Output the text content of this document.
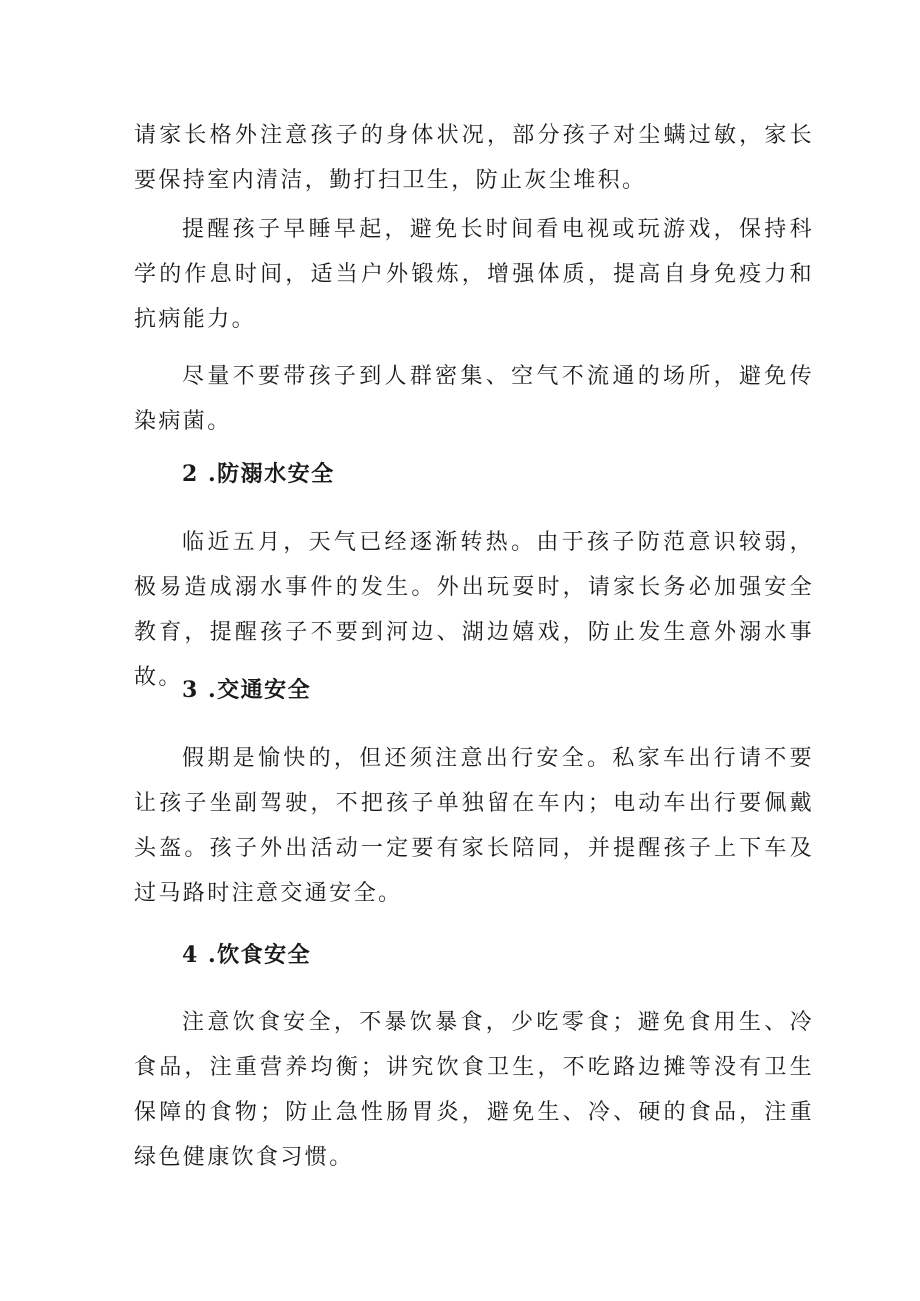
请家长格外注意孩子的身体状况，部分孩子对尘螨过敏，家长要保持室内清洁，勤打扫卫生，防止灰尘堆积。

提醒孩子早睡早起，避免长时间看电视或玩游戏，保持科学的作息时间，适当户外锻炼，增强体质，提高自身免疫力和抗病能力。

尽量不要带孩子到人群密集、空气不流通的场所，避免传染病菌。

2 .防溺水安全

临近五月，天气已经逐渐转热。由于孩子防范意识较弱，极易造成溺水事件的发生。外出玩耍时，请家长务必加强安全教育，提醒孩子不要到河边、湖边嬉戏，防止发生意外溺水事故。 3 .交通安全

假期是愉快的，但还须注意出行安全。私家车出行请不要让孩子坐副驾驶，不把孩子单独留在车内；电动车出行要佩戴头盔。孩子外出活动一定要有家长陪同，并提醒孩子上下车及过马路时注意交通安全。

4 .饮食安全

注意饮食安全，不暴饮暴食，少吃零食；避免食用生、冷食品，注重营养均衡；讲究饮食卫生，不吃路边摊等没有卫生保障的食物；防止急性肠胃炎，避免生、冷、硬的食品，注重绿色健康饮食习惯。
